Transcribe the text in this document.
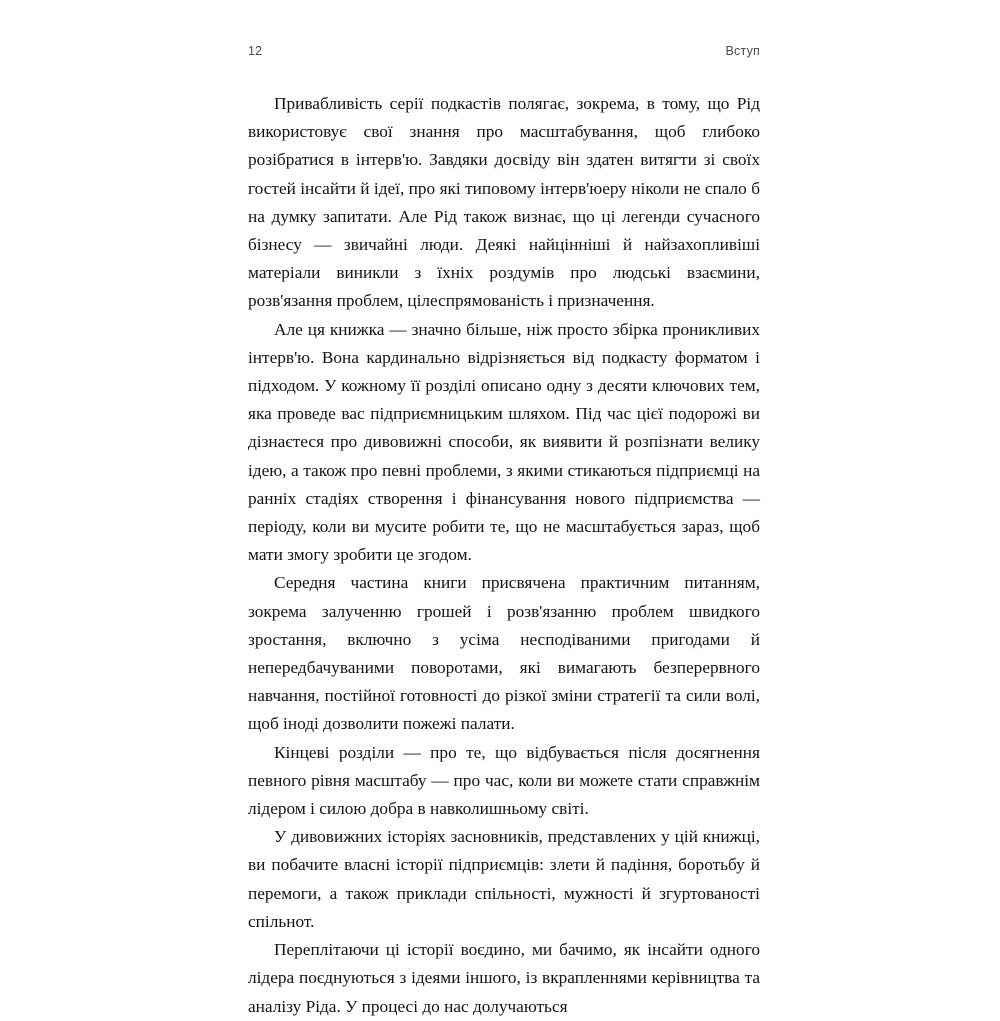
12	Вступ

Привабливість серії подкастів полягає, зокрема, в тому, що Рід використовує свої знання про масштабування, щоб глибоко розібратися в інтерв'ю. Завдяки досвіду він здатен витягти зі своїх гостей інсайти й ідеї, про які типовому інтерв'юеру ніколи не спало б на думку запитати. Але Рід також визнає, що ці легенди сучасного бізнесу — звичайні люди. Деякі найцінніші й найзахопливіші матеріали виникли з їхніх роздумів про людські взаємини, розв'язання проблем, цілеспрямованість і призначення.

Але ця книжка — значно більше, ніж просто збірка проникливих інтерв'ю. Вона кардинально відрізняється від подкасту форматом і підходом. У кожному її розділі описано одну з десяти ключових тем, яка проведе вас підприємницьким шляхом. Під час цієї подорожі ви дізнаєтеся про дивовижні способи, як виявити й розпізнати велику ідею, а також про певні проблеми, з якими стикаються підприємці на ранніх стадіях створення і фінансування нового підприємства — періоду, коли ви мусите робити те, що не масштабується зараз, щоб мати змогу зробити це згодом.

Середня частина книги присвячена практичним питанням, зокрема залученню грошей і розв'язанню проблем швидкого зростання, включно з усіма несподіваними пригодами й непередбачуваними поворотами, які вимагають безперервного навчання, постійної готовності до різкої зміни стратегії та сили волі, щоб іноді дозволити пожежі палати.

Кінцеві розділи — про те, що відбувається після досягнення певного рівня масштабу — про час, коли ви можете стати справжнім лідером і силою добра в навколишньому світі.

У дивовижних історіях засновників, представлених у цій книжці, ви побачите власні історії підприємців: злети й падіння, боротьбу й перемоги, а також приклади спільності, мужності й згуртованості спільнот.

Переплітаючи ці історії воєдино, ми бачимо, як інсайти одного лідера поєднуються з ідеями іншого, із вкрапленнями керівництва та аналізу Ріда. У процесі до нас долучаються
